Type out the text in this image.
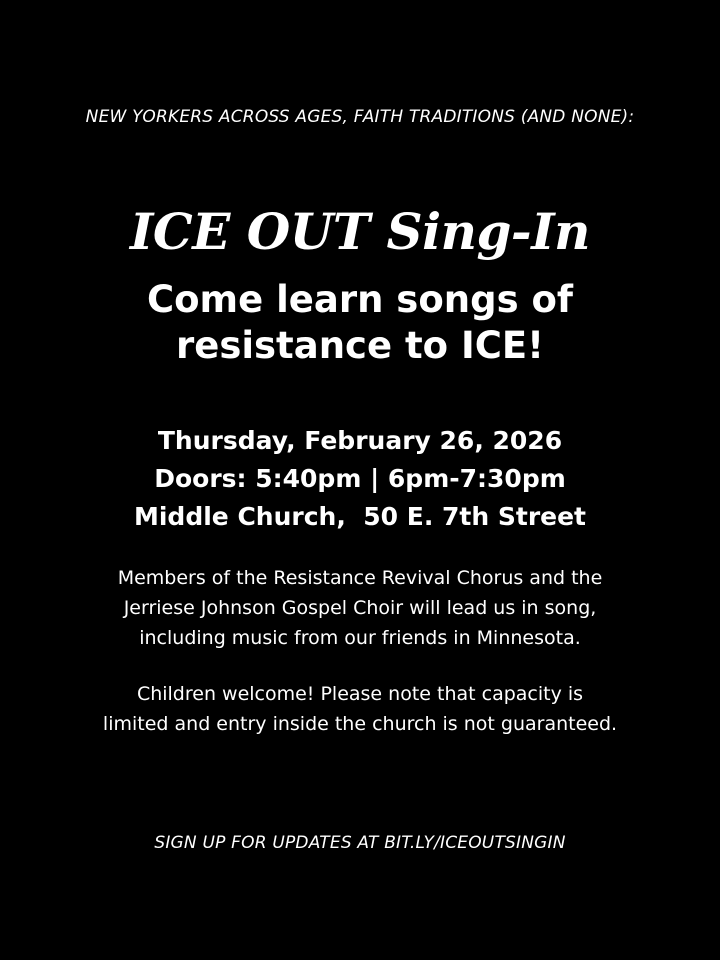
NEW YORKERS ACROSS AGES, FAITH TRADITIONS (AND NONE):
ICE OUT Sing-In
Come learn songs of
resistance to ICE!
Thursday, February 26, 2026
Doors: 5:40pm | 6pm-7:30pm
Middle Church,  50 E. 7th Street
Members of the Resistance Revival Chorus and the
Jerriese Johnson Gospel Choir will lead us in song,
including music from our friends in Minnesota.
Children welcome! Please note that capacity is
limited and entry inside the church is not guaranteed.
SIGN UP FOR UPDATES AT BIT.LY/ICEOUTSINGIN
